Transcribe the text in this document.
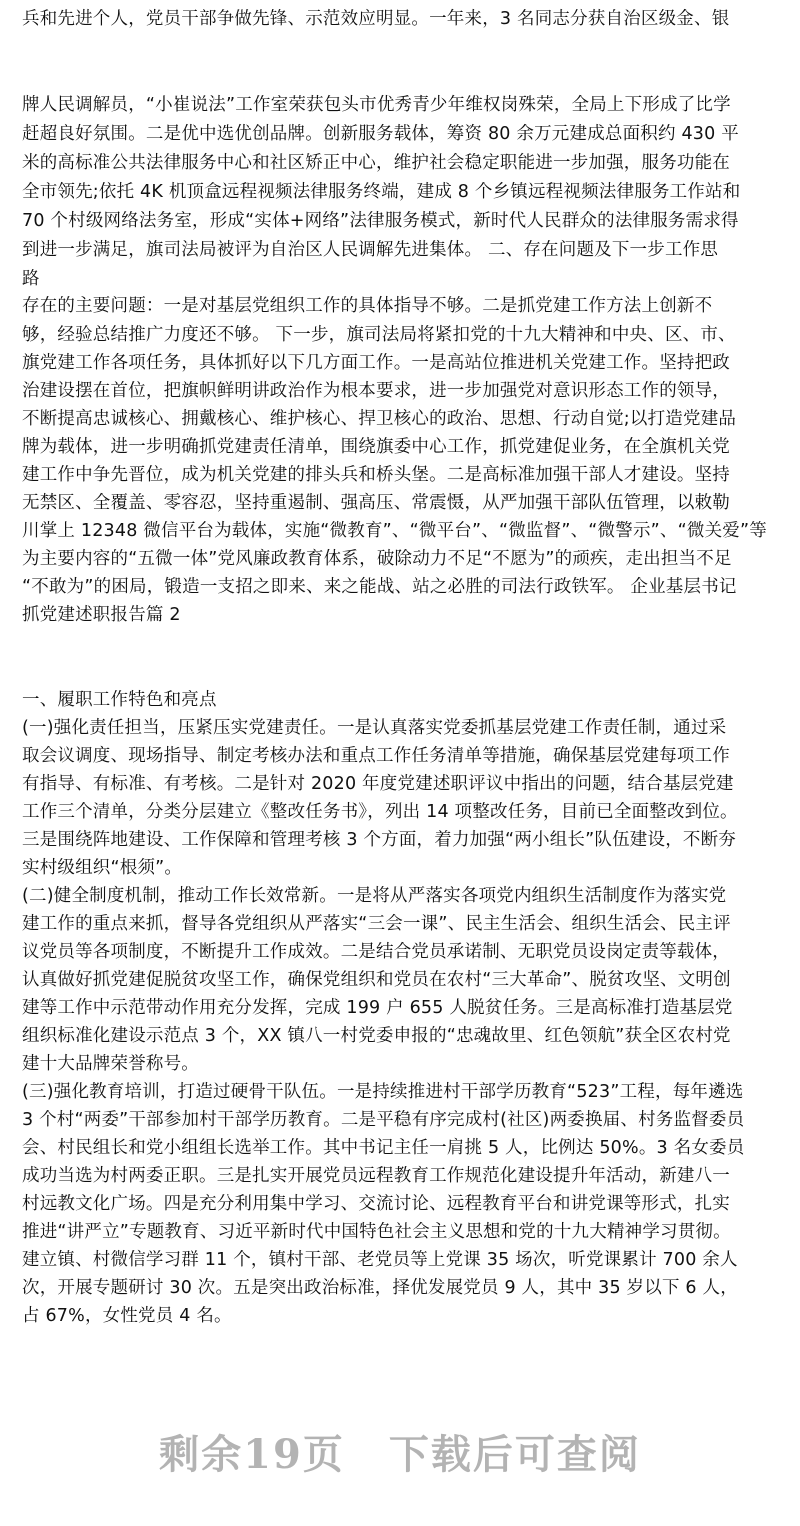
兵和先进个人，党员干部争做先锋、示范效应明显。一年来，3 名同志分获自治区级金、银
牌人民调解员，“小崔说法”工作室荣获包头市优秀青少年维权岗殊荣，全局上下形成了比学
赶超良好氛围。二是优中选优创品牌。创新服务载体，筹资 80 余万元建成总面积约 430 平
米的高标准公共法律服务中心和社区矫正中心，维护社会稳定职能进一步加强，服务功能在
全市领先;依托 4K 机顶盒远程视频法律服务终端，建成 8 个乡镇远程视频法律服务工作站和
70 个村级网络法务室，形成“实体+网络”法律服务模式，新时代人民群众的法律服务需求得
到进一步满足，旗司法局被评为自治区人民调解先进集体。 二、存在问题及下一步工作思
路
存在的主要问题：一是对基层党组织工作的具体指导不够。二是抓党建工作方法上创新不
够，经验总结推广力度还不够。 下一步，旗司法局将紧扣党的十九大精神和中央、区、市、
旗党建工作各项任务，具体抓好以下几方面工作。一是高站位推进机关党建工作。坚持把政
治建设摆在首位，把旗帜鲜明讲政治作为根本要求，进一步加强党对意识形态工作的领导，
不断提高忠诚核心、拥戴核心、维护核心、捍卫核心的政治、思想、行动自觉;以打造党建品
牌为载体，进一步明确抓党建责任清单，围绕旗委中心工作，抓党建促业务，在全旗机关党
建工作中争先晋位，成为机关党建的排头兵和桥头堡。二是高标准加强干部人才建设。坚持
无禁区、全覆盖、零容忍，坚持重遏制、强高压、常震慑，从严加强干部队伍管理，以敕勒
川掌上 12348 微信平台为载体，实施“微教育”、“微平台”、“微监督”、“微警示”、“微关爱”等
为主要内容的“五微一体”党风廉政教育体系，破除动力不足“不愿为”的顽疾，走出担当不足
“不敢为”的困局，锻造一支招之即来、来之能战、站之必胜的司法行政铁军。 企业基层书记
抓党建述职报告篇 2
一、履职工作特色和亮点
(一)强化责任担当，压紧压实党建责任。一是认真落实党委抓基层党建工作责任制，通过采
取会议调度、现场指导、制定考核办法和重点工作任务清单等措施，确保基层党建每项工作
有指导、有标准、有考核。二是针对 2020 年度党建述职评议中指出的问题，结合基层党建
工作三个清单，分类分层建立《整改任务书》，列出 14 项整改任务，目前已全面整改到位。
三是围绕阵地建设、工作保障和管理考核 3 个方面，着力加强“两小组长”队伍建设，不断夯
实村级组织“根须”。
(二)健全制度机制，推动工作长效常新。一是将从严落实各项党内组织生活制度作为落实党
建工作的重点来抓，督导各党组织从严落实“三会一课”、民主生活会、组织生活会、民主评
议党员等各项制度，不断提升工作成效。二是结合党员承诺制、无职党员设岗定责等载体，
认真做好抓党建促脱贫攻坚工作，确保党组织和党员在农村“三大革命”、脱贫攻坚、文明创
建等工作中示范带动作用充分发挥，完成 199 户 655 人脱贫任务。三是高标准打造基层党
组织标准化建设示范点 3 个，XX 镇八一村党委申报的“忠魂故里、红色领航”获全区农村党
建十大品牌荣誉称号。
(三)强化教育培训，打造过硬骨干队伍。一是持续推进村干部学历教育“523”工程，每年遴选
3 个村“两委”干部参加村干部学历教育。二是平稳有序完成村(社区)两委换届、村务监督委员
会、村民组长和党小组组长选举工作。其中书记主任一肩挑 5 人，比例达 50%。3 名女委员
成功当选为村两委正职。三是扎实开展党员远程教育工作规范化建设提升年活动，新建八一
村远教文化广场。四是充分利用集中学习、交流讨论、远程教育平台和讲党课等形式，扎实
推进“讲严立”专题教育、习近平新时代中国特色社会主义思想和党的十九大精神学习贯彻。
建立镇、村微信学习群 11 个，镇村干部、老党员等上党课 35 场次，听党课累计 700 余人
次，开展专题研讨 30 次。五是突出政治标准，择优发展党员 9 人，其中 35 岁以下 6 人，
占 67%，女性党员 4 名。
剩余19页 下载后可查阅
